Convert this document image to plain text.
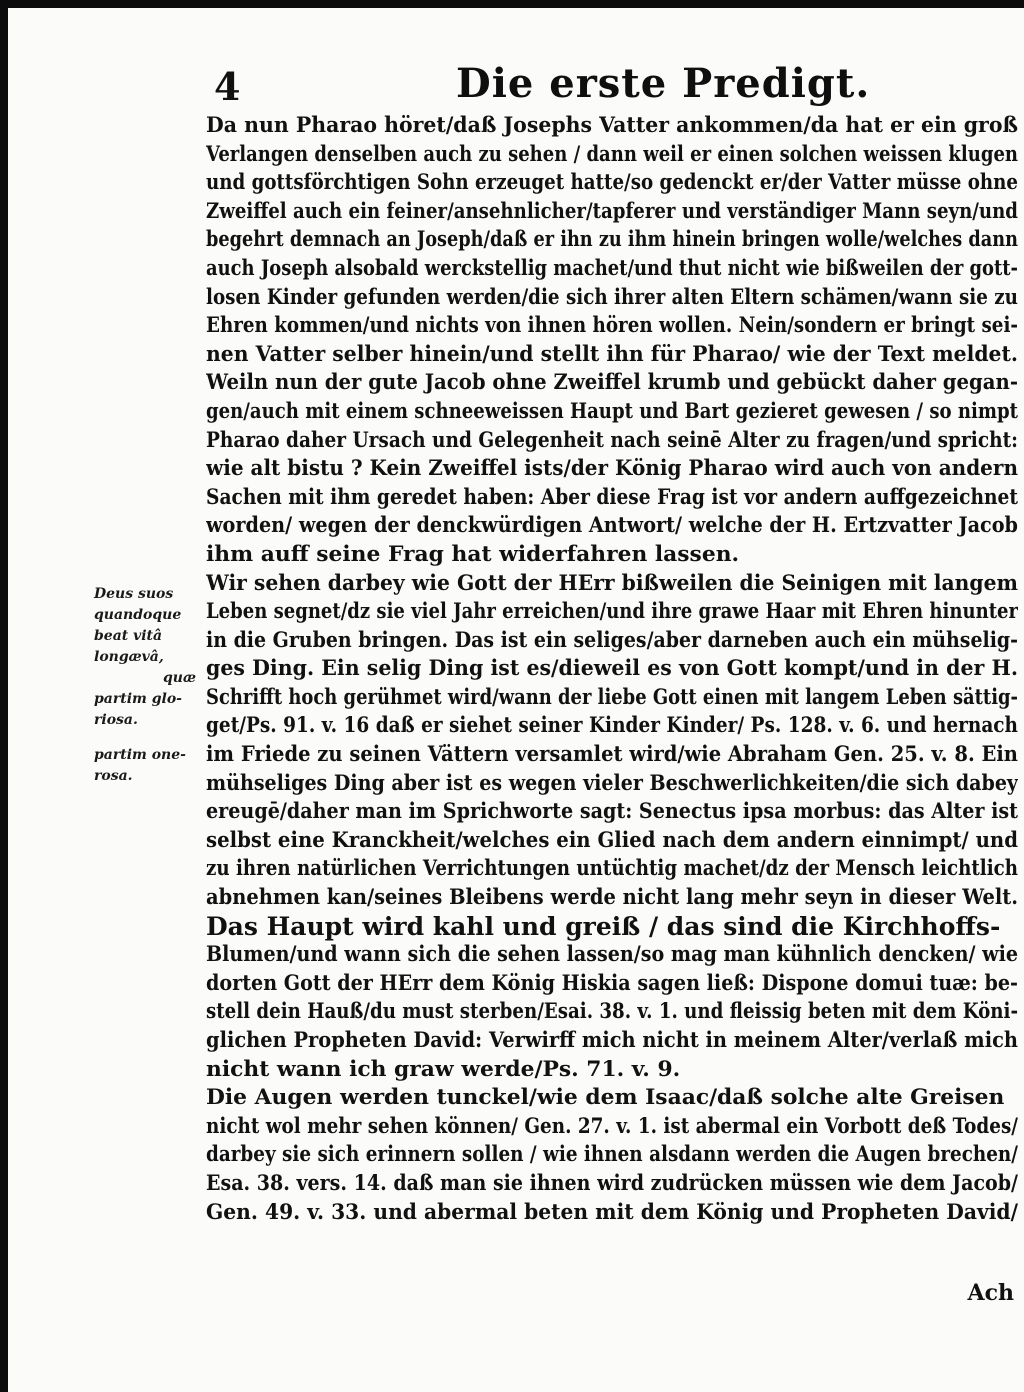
4	Die erste Predigt.
Deus suos
quandoque
beat vitâ
longævâ,
quæ
partim glo-
riosa.
partim one-
rosa.
Da nun Pharao höret/daß Josephs Vatter ankommen/da hat er ein groß
Verlangen denselben auch zu sehen / dann weil er einen solchen weissen klugen
und gottsförchtigen Sohn erzeuget hatte/so gedenckt er/der Vatter müsse ohne
Zweiffel auch ein feiner/ansehnlicher/tapferer und verständiger Mann seyn/und
begehrt demnach an Joseph/daß er ihn zu ihm hinein bringen wolle/welches dann
auch Joseph alsobald werckstellig machet/und thut nicht wie bißweilen der gott-
losen Kinder gefunden werden/die sich ihrer alten Eltern schämen/wann sie zu
Ehren kommen/und nichts von ihnen hören wollen. Nein/sondern er bringt sei-
nen Vatter selber hinein/und stellt ihn für Pharao/ wie der Text meldet.
Weiln nun der gute Jacob ohne Zweiffel krumb und gebückt daher gegan-
gen/auch mit einem schneeweissen Haupt und Bart gezieret gewesen / so nimpt
Pharao daher Ursach und Gelegenheit nach seinē Alter zu fragen/und spricht:
wie alt bistu ? Kein Zweiffel ists/der König Pharao wird auch von andern
Sachen mit ihm geredet haben: Aber diese Frag ist vor andern auffgezeichnet
worden/ wegen der denckwürdigen Antwort/ welche der H. Ertzvatter Jacob
ihm auff seine Frag hat widerfahren lassen.
Wir sehen darbey wie Gott der HErr bißweilen die Seinigen mit langem
Leben segnet/dz sie viel Jahr erreichen/und ihre grawe Haar mit Ehren hinunter
in die Gruben bringen. Das ist ein seliges/aber darneben auch ein mühselig-
ges Ding. Ein selig Ding ist es/dieweil es von Gott kompt/und in der H.
Schrifft hoch gerühmet wird/wann der liebe Gott einen mit langem Leben sättig-
get/Ps. 91. v. 16 daß er siehet seiner Kinder Kinder/ Ps. 128. v. 6. und hernach
im Friede zu seinen Vättern versamlet wird/wie Abraham Gen. 25. v. 8. Ein
mühseliges Ding aber ist es wegen vieler Beschwerlichkeiten/die sich dabey
ereugē/daher man im Sprichworte sagt: Senectus ipsa morbus: das Alter ist
selbst eine Kranckheit/welches ein Glied nach dem andern einnimpt/ und
zu ihren natürlichen Verrichtungen untüchtig machet/dz der Mensch leichtlich
abnehmen kan/seines Bleibens werde nicht lang mehr seyn in dieser Welt.
Das Haupt wird kahl und greiß / das sind die Kirchhoffs-
Blumen/und wann sich die sehen lassen/so mag man kühnlich dencken/ wie
dorten Gott der HErr dem König Hiskia sagen ließ: Dispone domui tuæ: be-
stell dein Hauß/du must sterben/Esai. 38. v. 1. und fleissig beten mit dem Köni-
glichen Propheten David: Verwirff mich nicht in meinem Alter/verlaß mich
nicht wann ich graw werde/Ps. 71. v. 9.
Die Augen werden tunckel/wie dem Isaac/daß solche alte Greisen
nicht wol mehr sehen können/ Gen. 27. v. 1. ist abermal ein Vorbott deß Todes/
darbey sie sich erinnern sollen / wie ihnen alsdann werden die Augen brechen/
Esa. 38. vers. 14. daß man sie ihnen wird zudrücken müssen wie dem Jacob/
Gen. 49. v. 33. und abermal beten mit dem König und Propheten David/
Ach
